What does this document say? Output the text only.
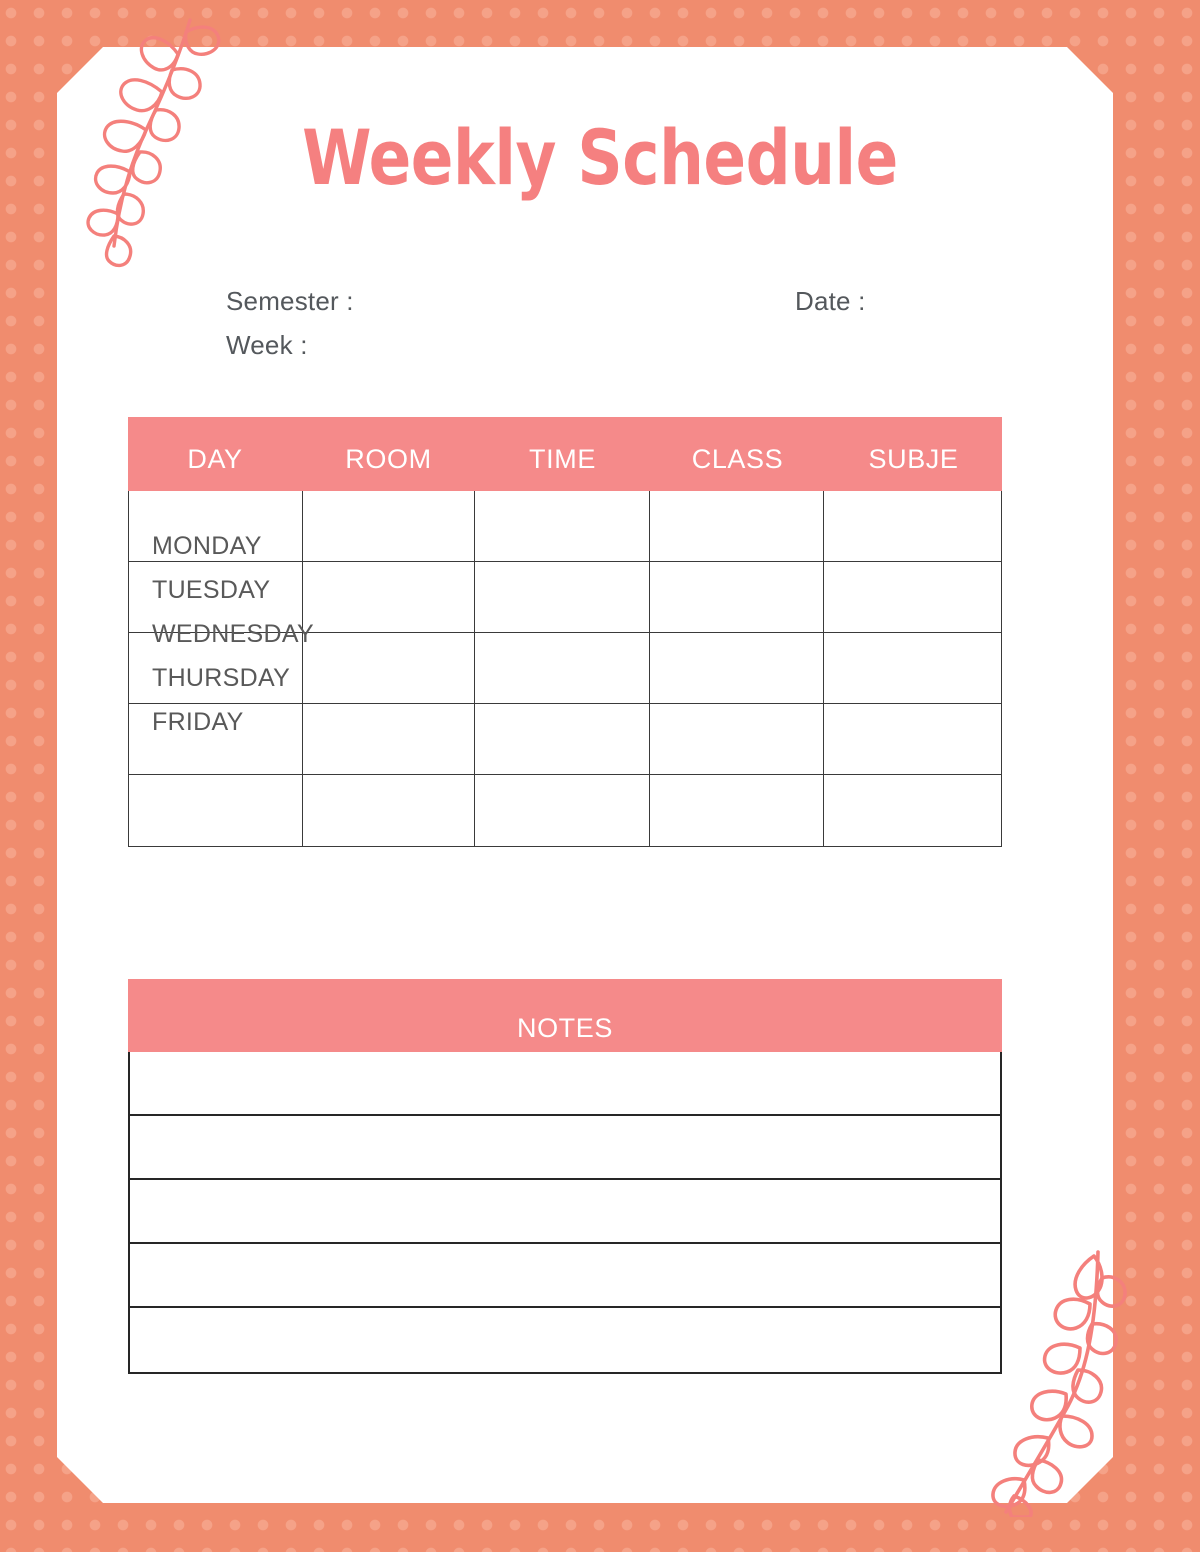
Weekly Schedule
Semester :	Date :
Week :
DAY	ROOM	TIME	CLASS	SUBJE
MONDAY
TUESDAY
WEDNESDAY
THURSDAY
FRIDAY
NOTES
